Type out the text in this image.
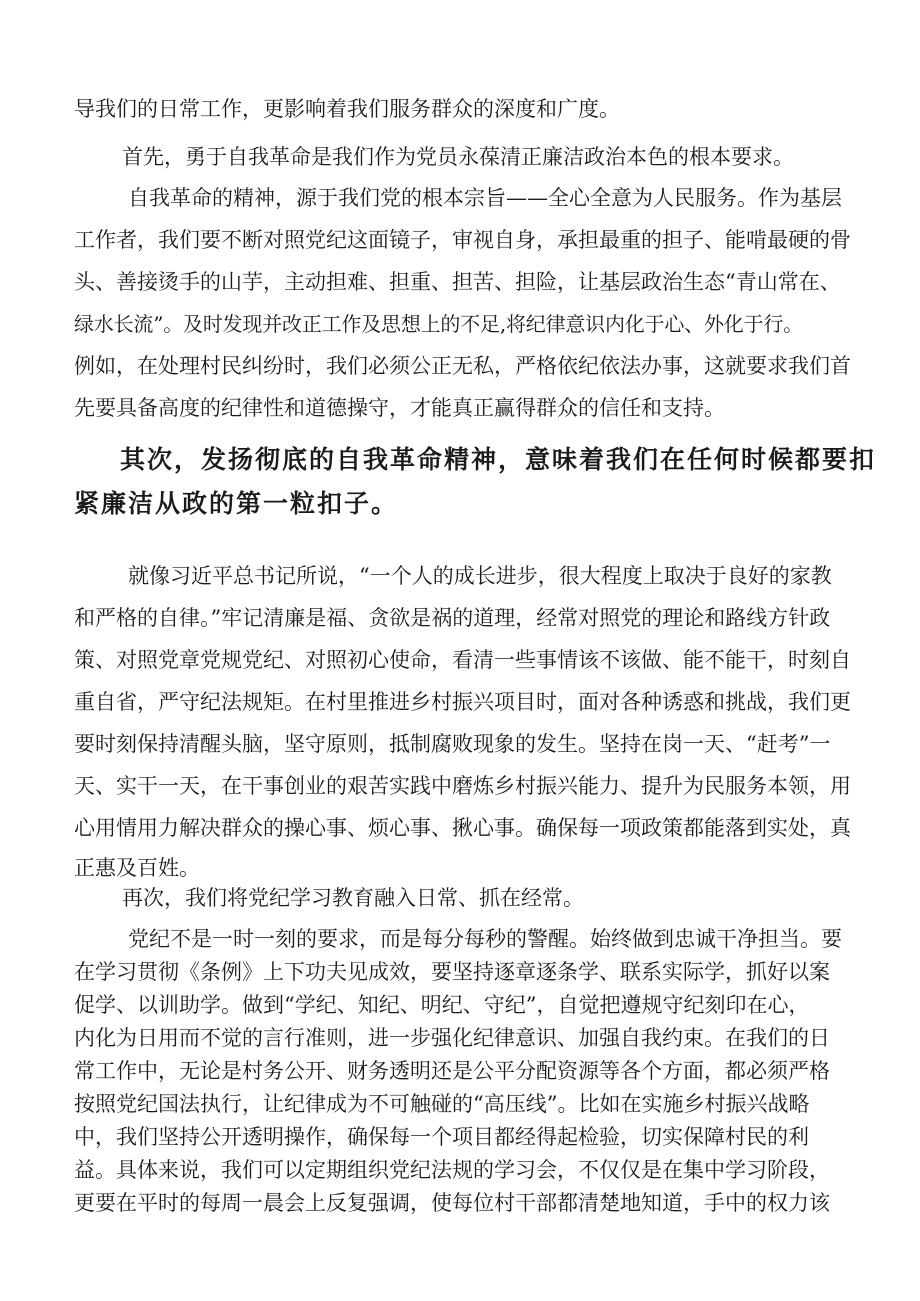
导我们的日常工作，更影响着我们服务群众的深度和广度。

首先，勇于自我革命是我们作为党员永葆清正廉洁政治本色的根本要求。

自我革命的精神，源于我们党的根本宗旨——全心全意为人民服务。作为基层

工作者，我们要不断对照党纪这面镜子，审视自身，承担最重的担子、能啃最硬的骨

头、善接烫手的山芋，主动担难、担重、担苦、担险，让基层政治生态“青山常在、

绿水长流”。及时发现并改正工作及思想上的不足,将纪律意识内化于心、外化于行。

例如，在处理村民纠纷时，我们必须公正无私，严格依纪依法办事，这就要求我们首

先要具备高度的纪律性和道德操守，才能真正赢得群众的信任和支持。

其次，发扬彻底的自我革命精神，意味着我们在任何时候都要扣

紧廉洁从政的第一粒扣子。

就像习近平总书记所说，“一个人的成长进步，很大程度上取决于良好的家教

和严格的自律。”牢记清廉是福、贪欲是祸的道理，经常对照党的理论和路线方针政

策、对照党章党规党纪、对照初心使命，看清一些事情该不该做、能不能干，时刻自

重自省，严守纪法规矩。在村里推进乡村振兴项目时，面对各种诱惑和挑战，我们更

要时刻保持清醒头脑，坚守原则，抵制腐败现象的发生。坚持在岗一天、“赶考”一

天、实干一天，在干事创业的艰苦实践中磨炼乡村振兴能力、提升为民服务本领，用

心用情用力解决群众的操心事、烦心事、揪心事。确保每一项政策都能落到实处，真

正惠及百姓。

再次，我们将党纪学习教育融入日常、抓在经常。

党纪不是一时一刻的要求，而是每分每秒的警醒。始终做到忠诚干净担当。要

在学习贯彻《条例》上下功夫见成效，要坚持逐章逐条学、联系实际学，抓好以案

促学、以训助学。做到“学纪、知纪、明纪、守纪”，自觉把遵规守纪刻印在心，

内化为日用而不觉的言行准则，进一步强化纪律意识、加强自我约束。在我们的日

常工作中，无论是村务公开、财务透明还是公平分配资源等各个方面，都必须严格

按照党纪国法执行，让纪律成为不可触碰的“高压线”。比如在实施乡村振兴战略

中，我们坚持公开透明操作，确保每一个项目都经得起检验，切实保障村民的利

益。具体来说，我们可以定期组织党纪法规的学习会，不仅仅是在集中学习阶段，

更要在平时的每周一晨会上反复强调，使每位村干部都清楚地知道，手中的权力该
